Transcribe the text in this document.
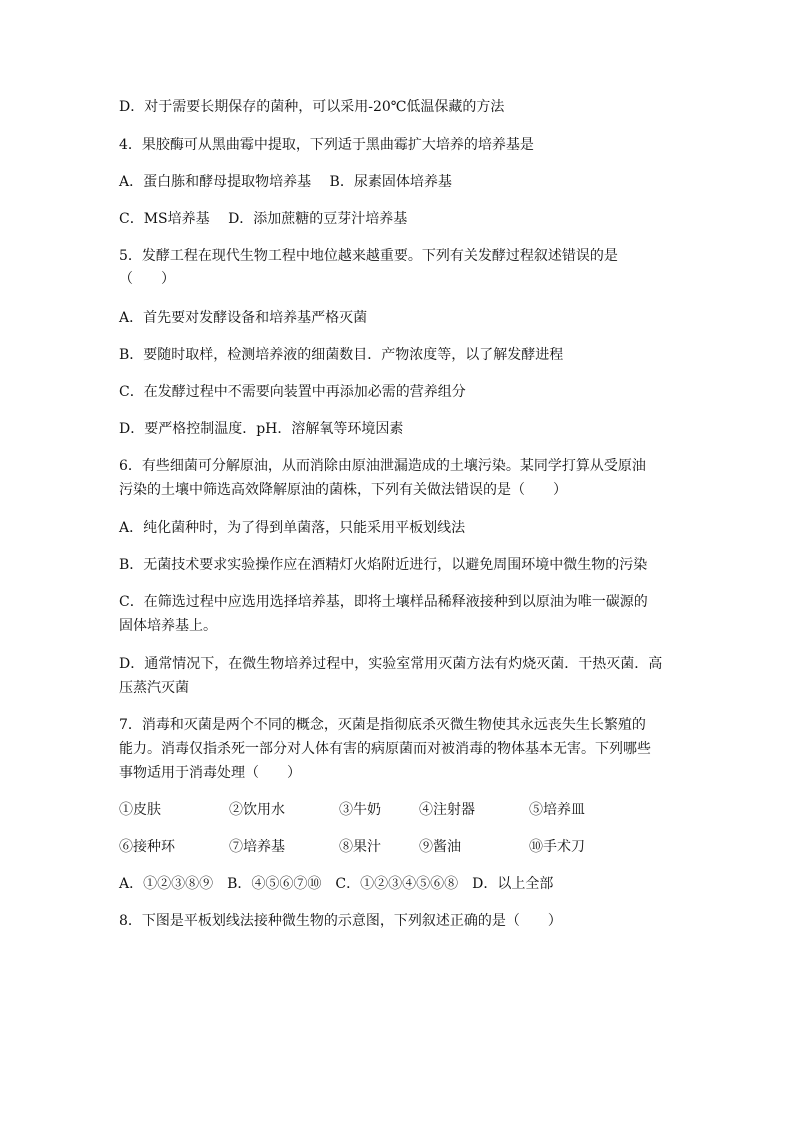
D．对于需要长期保存的菌种，可以采用-20℃低温保藏的方法
4．果胶酶可从黑曲霉中提取，下列适于黑曲霉扩大培养的培养基是
A．蛋白胨和酵母提取物培养基　 B．尿素固体培养基
C．MS培养基　 D．添加蔗糖的豆芽汁培养基
5．发酵工程在现代生物工程中地位越来越重要。下列有关发酵过程叙述错误的是
（　　）
A．首先要对发酵设备和培养基严格灭菌
B．要随时取样，检测培养液的细菌数目．产物浓度等，以了解发酵进程
C．在发酵过程中不需要向装置中再添加必需的营养组分
D．要严格控制温度．pH．溶解氧等环境因素
6．有些细菌可分解原油，从而消除由原油泄漏造成的土壤污染。某同学打算从受原油
污染的土壤中筛选高效降解原油的菌株，下列有关做法错误的是（　　）
A．纯化菌种时，为了得到单菌落，只能采用平板划线法
B．无菌技术要求实验操作应在酒精灯火焰附近进行，以避免周围环境中微生物的污染
C．在筛选过程中应选用选择培养基，即将土壤样品稀释液接种到以原油为唯一碳源的
固体培养基上。
D．通常情况下，在微生物培养过程中，实验室常用灭菌方法有灼烧灭菌．干热灭菌．高
压蒸汽灭菌
7．消毒和灭菌是两个不同的概念，灭菌是指彻底杀灭微生物使其永远丧失生长繁殖的
能力。消毒仅指杀死一部分对人体有害的病原菌而对被消毒的物体基本无害。下列哪些
事物适用于消毒处理（　　）
①皮肤	②饮用水	③牛奶	④注射器	⑤培养皿
⑥接种环	⑦培养基	⑧果汁	⑨酱油	⑩手术刀
A．①②③⑧⑨　B．④⑤⑥⑦⑩　C．①②③④⑤⑥⑧　D．以上全部
8．下图是平板划线法接种微生物的示意图，下列叙述正确的是（　　）
